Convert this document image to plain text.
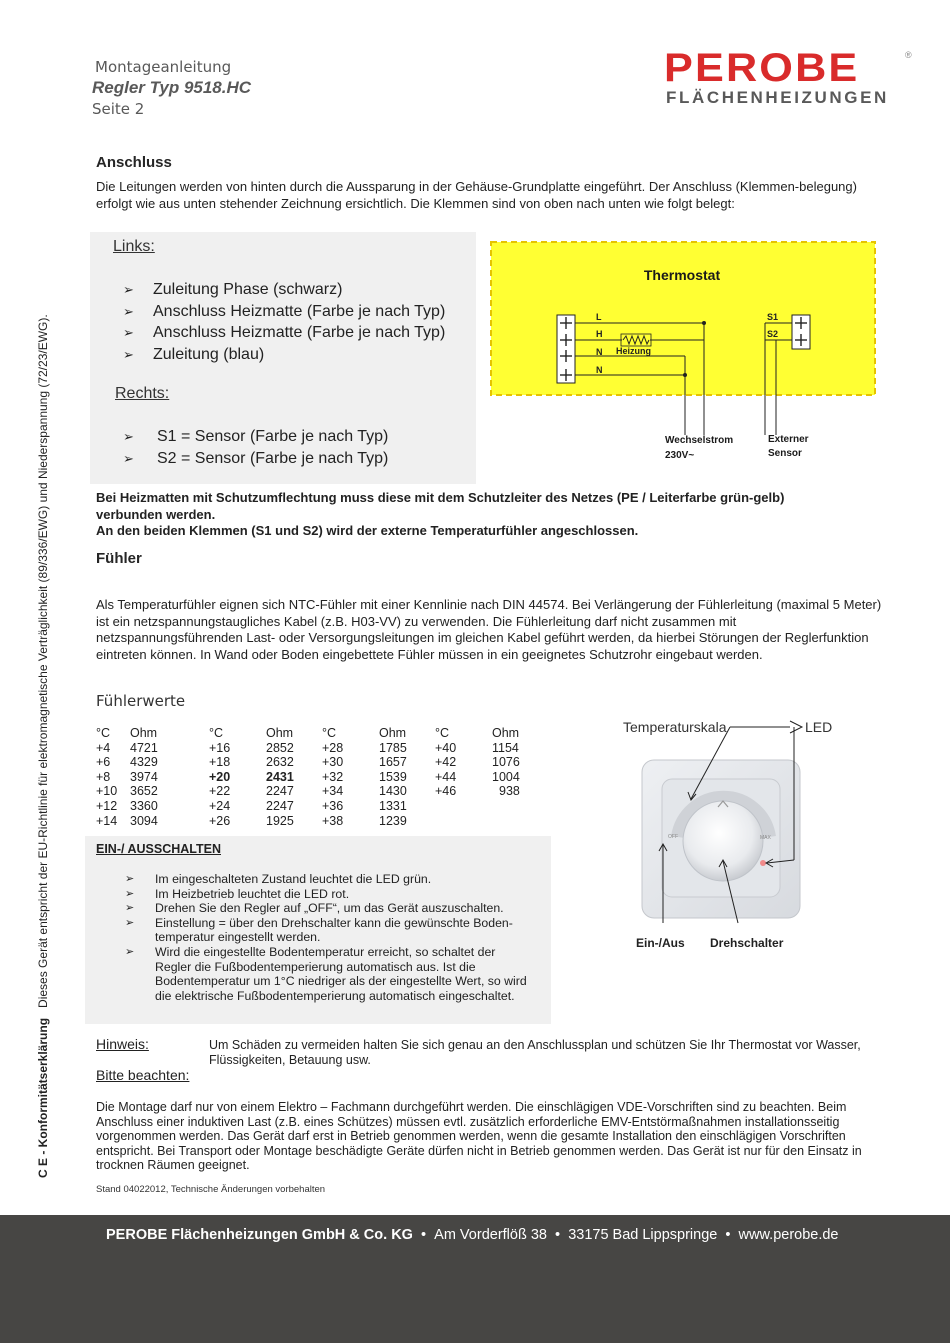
Montageanleitung
Regler Typ 9518.HC
Seite 2
PEROBE	®
FLÄCHENHEIZUNGEN
C E - Konformitätserklärung   Dieses Gerät entspricht der EU-Richtlinie für elektromagnetische Verträglichkeit (89/336/EWG) und Niederspannung (72/23/EWG).
Anschluss
Die Leitungen werden von hinten durch die Aussparung in der Gehäuse-Grundplatte eingeführt. Der Anschluss (Klemmen-belegung) erfolgt wie aus unten stehender Zeichnung ersichtlich. Die Klemmen sind von oben nach unten wie folgt belegt:
Links:
➢	Zuleitung Phase (schwarz)
➢	Anschluss Heizmatte (Farbe je nach Typ)
➢	Anschluss Heizmatte (Farbe je nach Typ)
➢	Zuleitung (blau)
Rechts:
➢	S1 = Sensor (Farbe je nach Typ)
➢	S2 = Sensor (Farbe je nach Typ)
Thermostat
L
H
N
N
Heizung
S1
S2
Wechselstrom
230V~
Externer
Sensor
Bei Heizmatten mit Schutzumflechtung muss diese mit dem Schutzleiter des Netzes (PE / Leiterfarbe grün-gelb) verbunden werden.
An den beiden Klemmen (S1 und S2) wird der externe Temperaturfühler angeschlossen.
Fühler
Als Temperaturfühler eignen sich NTC-Fühler mit einer Kennlinie nach DIN 44574. Bei Verlängerung der Fühlerleitung (maximal 5 Meter) ist ein netzspannungstaugliches Kabel (z.B. H03-VV) zu verwenden. Die Fühlerleitung darf nicht zusammen mit netzspannungsführenden Last- oder Versorgungsleitungen im gleichen Kabel geführt werden, da hierbei Störungen der Reglerfunktion eintreten können. In Wand oder Boden eingebettete Fühler müssen in ein geeignetes Schutzrohr eingebaut werden.
Fühlerwerte
°C	Ohm	°C	Ohm	°C	Ohm	°C	Ohm
+4	4721	+16	2852	+28	1785	+40	1154
+6	4329	+18	2632	+30	1657	+42	1076
+8	3974	+20	2431	+32	1539	+44	1004
+10	3652	+22	2247	+34	1430	+46	938
+12	3360	+24	2247	+36	1331		
+14	3094	+26	1925	+38	1239		
EIN-/ AUSSCHALTEN
➢	Im eingeschalteten Zustand leuchtet die LED grün.
➢	Im Heizbetrieb leuchtet die LED rot.
➢	Drehen Sie den Regler auf „OFF“, um das Gerät auszuschalten.
➢	Einstellung = über den Drehschalter kann die gewünschte Boden-temperatur eingestellt werden.
➢	Wird die eingestellte Bodentemperatur erreicht, so schaltet der Regler die Fußbodentemperierung automatisch aus. Ist die Bodentemperatur um 1°C niedriger als der eingestellte Wert, so wird die elektrische Fußbodentemperierung automatisch eingeschaltet.
Temperaturskala	LED
OFF	MAX
Ein-/Aus Drehschalter
Hinweis:	Um Schäden zu vermeiden halten Sie sich genau an den Anschlussplan und schützen Sie Ihr Thermostat vor Wasser, Flüssigkeiten, Betauung usw.
Bitte beachten:
Die Montage darf nur von einem Elektro – Fachmann durchgeführt werden. Die einschlägigen VDE-Vorschriften sind zu beachten. Beim Anschluss einer induktiven Last (z.B. eines Schützes) müssen evtl. zusätzlich erforderliche EMV-Entstörmaßnahmen installationsseitig vorgenommen werden. Das Gerät darf erst in Betrieb genommen werden, wenn die gesamte Installation den einschlägigen Vorschriften entspricht. Bei Transport oder Montage beschädigte Geräte dürfen nicht in Betrieb genommen werden. Das Gerät ist nur für den Einsatz in trocknen Räumen geeignet.
Stand 04022012, Technische Änderungen vorbehalten
PEROBE Flächenheizungen GmbH & Co. KG • Am Vorderflöß 38 • 33175 Bad Lippspringe • www.perobe.de
